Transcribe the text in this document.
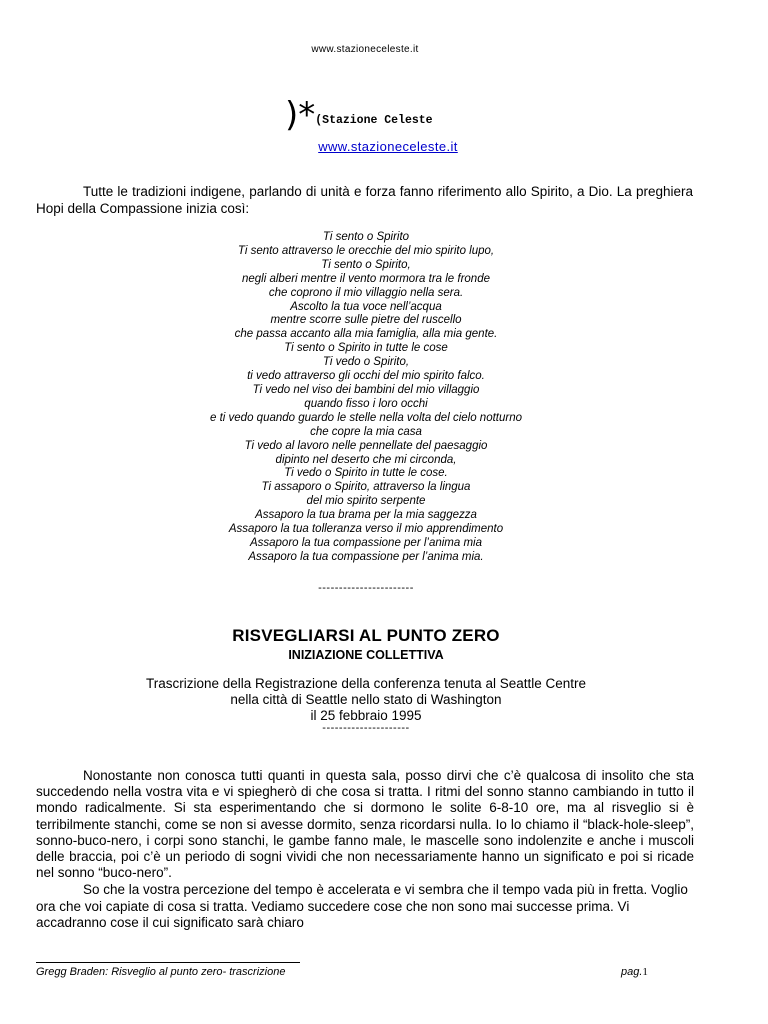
www.stazioneceleste.it
)*(Stazione Celeste
www.stazioneceleste.it

Tutte le tradizioni indigene, parlando di unità e forza fanno riferimento allo Spirito, a Dio. La preghiera Hopi della Compassione inizia così:

Ti sento o Spirito
Ti sento attraverso le orecchie del mio spirito lupo,
Ti sento o Spirito,
negli alberi mentre il vento mormora tra le fronde
che coprono il mio villaggio nella sera.
Ascolto la tua voce nell’acqua
mentre scorre sulle pietre del ruscello
che passa accanto alla mia famiglia, alla mia gente.
Ti sento o Spirito in tutte le cose
Ti vedo o Spirito,
ti vedo attraverso gli occhi del mio spirito falco.
Ti vedo nel viso dei bambini del mio villaggio
quando fisso i loro occhi
e ti vedo quando guardo le stelle nella volta del cielo notturno
che copre la mia casa
Ti vedo al lavoro nelle pennellate del paesaggio
dipinto nel deserto che mi circonda,
Ti vedo o Spirito in tutte le cose.
Ti assaporo o Spirito, attraverso la lingua
del mio spirito serpente
Assaporo la tua brama per la mia saggezza
Assaporo la tua tolleranza verso il mio apprendimento
Assaporo la tua compassione per l’anima mia
Assaporo la tua compassione per l’anima mia.
-----------------------
RISVEGLIARSI AL PUNTO ZERO
INIZIAZIONE COLLETTIVA
Trascrizione della Registrazione della conferenza tenuta al Seattle Centre
nella città di Seattle nello stato di Washington
il 25 febbraio 1995
---------------------

Nonostante non conosca tutti quanti in questa sala, posso dirvi che c’è qualcosa di insolito che sta succedendo nella vostra vita e vi spiegherò di che cosa si tratta. I ritmi del sonno stanno cambiando in tutto il mondo radicalmente. Si sta esperimentando che si dormono le solite 6-8-10 ore, ma al risveglio si è terribilmente stanchi, come se non si avesse dormito, senza ricordarsi nulla. Io lo chiamo il “black-hole-sleep”, sonno-buco-nero, i corpi sono stanchi, le gambe fanno male, le mascelle sono indolenzite e anche i muscoli delle braccia, poi c’è un periodo di sogni vividi che non necessariamente hanno un significato e poi si ricade nel sonno “buco-nero”.

So che la vostra percezione del tempo è accelerata e vi sembra che il tempo vada più in fretta. Voglio ora che voi capiate di cosa si tratta. Vediamo succedere cose che non sono mai successe prima. Vi accadranno cose il cui significato sarà chiaro

Gregg Braden: Risveglio al punto zero- trascrizione	pag.1
